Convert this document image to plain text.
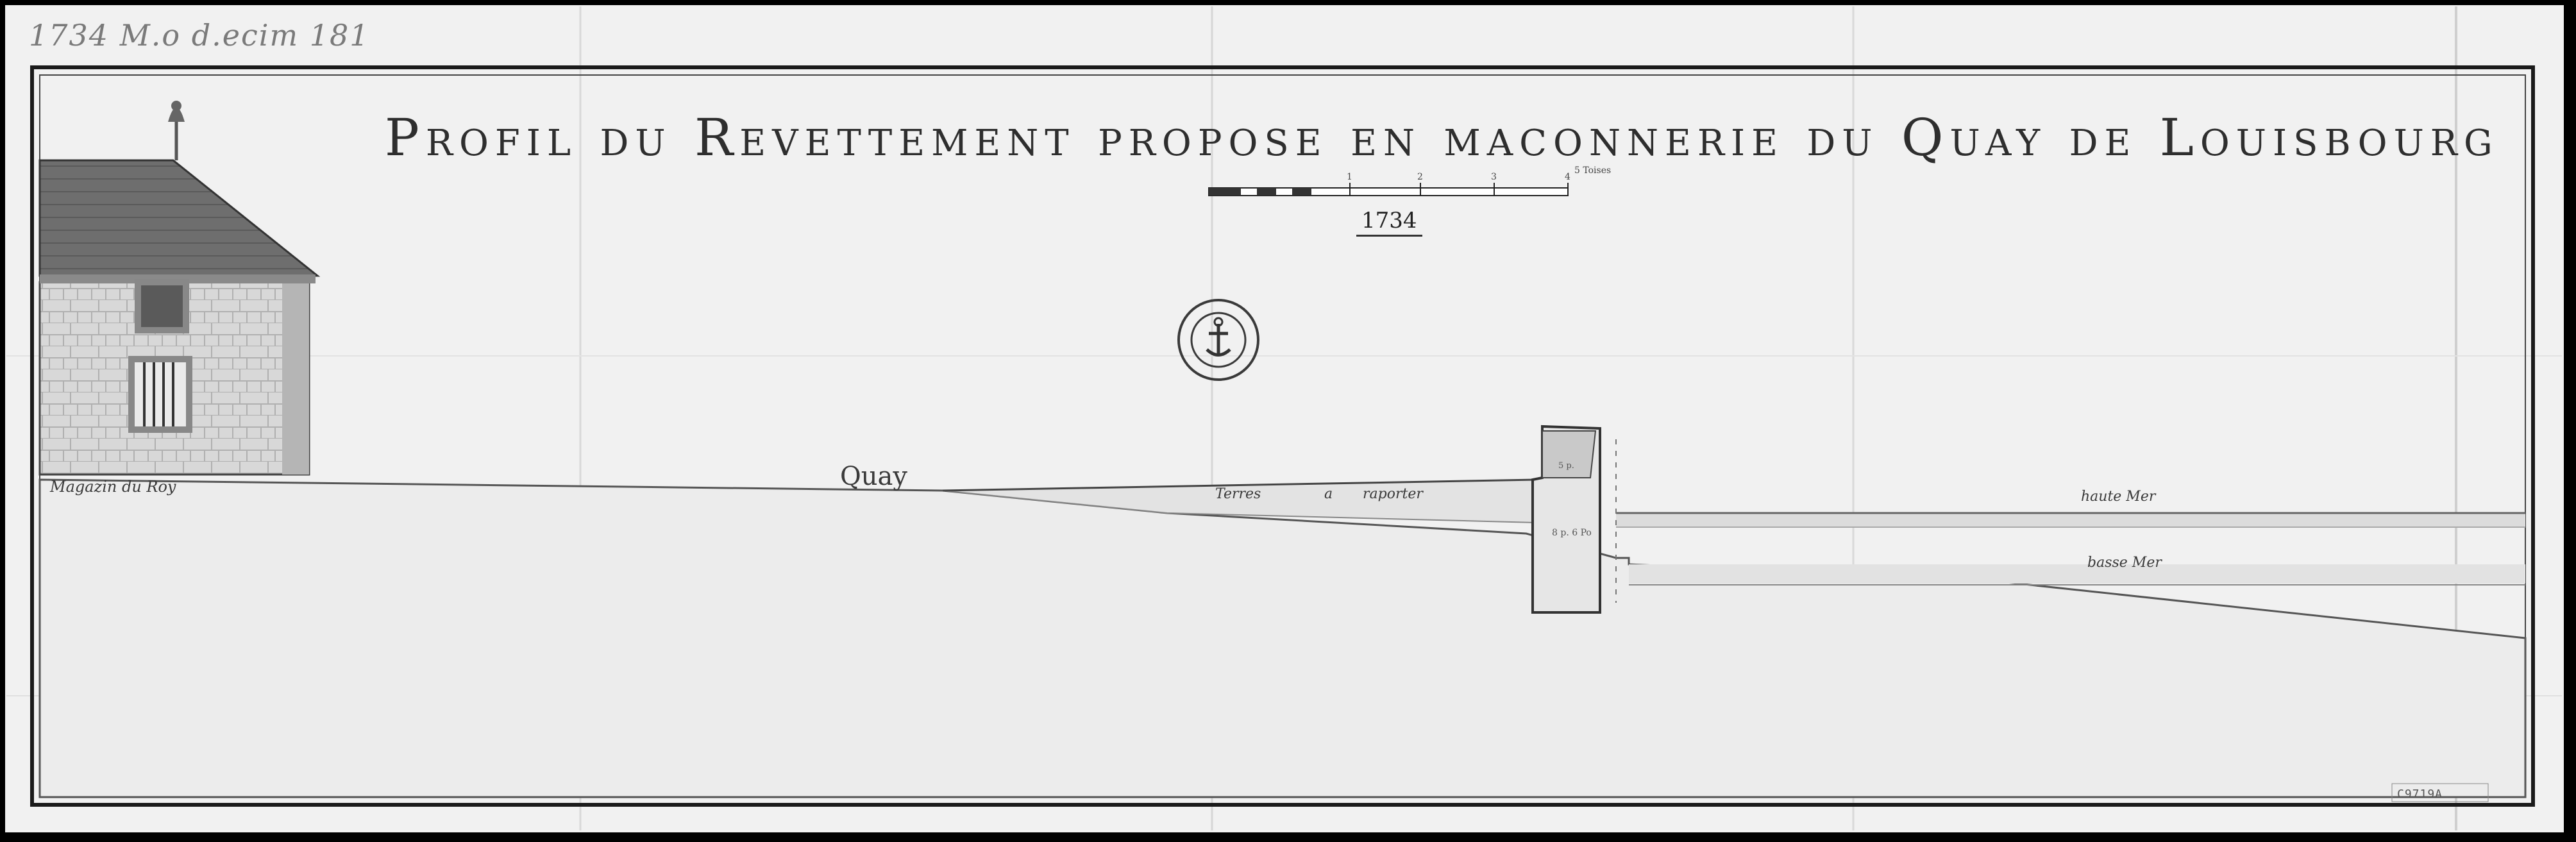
1	2	3	4
5 Toises
8 p. 6 Po
5 p.
1734 M.o d.ecim 181
Profil du Revettement propose en maconnerie du Quay de Louisbourg
1734
Magazin du Roy	Quay
Terres	a raporter	haute Mer
basse Mer
C9719A
